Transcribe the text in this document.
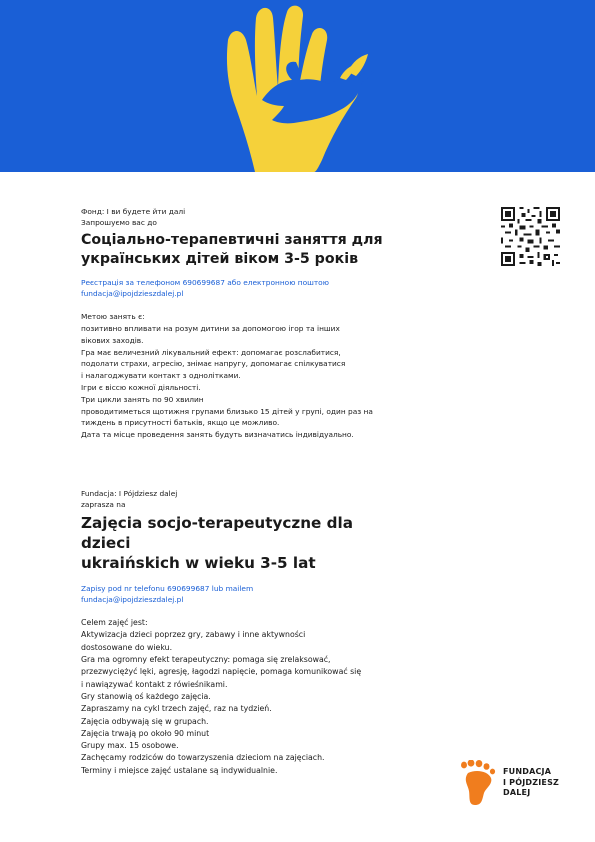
Фонд: І ви будете йти далі
Запрошуємо вас до
Соціально-терапевтичні заняття для
українських дітей віком 3-5 років
Реєстрація за телефоном 690699687 або електронною поштою
fundacja@ipojdzieszdalej.pl

Метою занять є:

позитивно впливати на розум дитини за допомогою ігор та інших

вікових заходів.

Гра має величезний лікувальний ефект: допомагає розслабитися,

подолати страхи, агресію, знімає напругу, допомагає спілкуватися

і налагоджувати контакт з однолітками.

Ігри є віссю кожної діяльності.

Три цикли занять по 90 хвилин

проводитиметься щотижня групами близько 15 дітей у групі, один раз на

тиждень в присутності батьків, якщо це можливо.

Дата та місце проведення занять будуть визначатись індивідуально.

Fundacja: I Pójdziesz dalej
zaprasza na
Zajęcia socjo-terapeutyczne dla dzieci
ukraińskich w wieku 3-5 lat
Zapisy pod nr telefonu 690699687 lub mailem
fundacja@ipojdzieszdalej.pl

Celem zajęć jest:

Aktywizacja dzieci poprzez gry, zabawy i inne aktywności

dostosowane do wieku.

Gra ma ogromny efekt terapeutyczny: pomaga się zrelaksować,

przezwyciężyć lęki, agresję, łagodzi napięcie, pomaga komunikować się

i nawiązywać kontakt z rówieśnikami.

Gry stanowią oś każdego zajęcia.

Zapraszamy na cykl trzech zajęć, raz na tydzień.

Zajęcia odbywają się w grupach.

Zajęcia trwają po około 90 minut

Grupy max. 15 osobowe.

Zachęcamy rodziców do towarzyszenia dzieciom na zajęciach.

Terminy i miejsce zajęć ustalane są indywidualnie.	FUNDACJA
I PÓJDZIESZ
DALEJ
